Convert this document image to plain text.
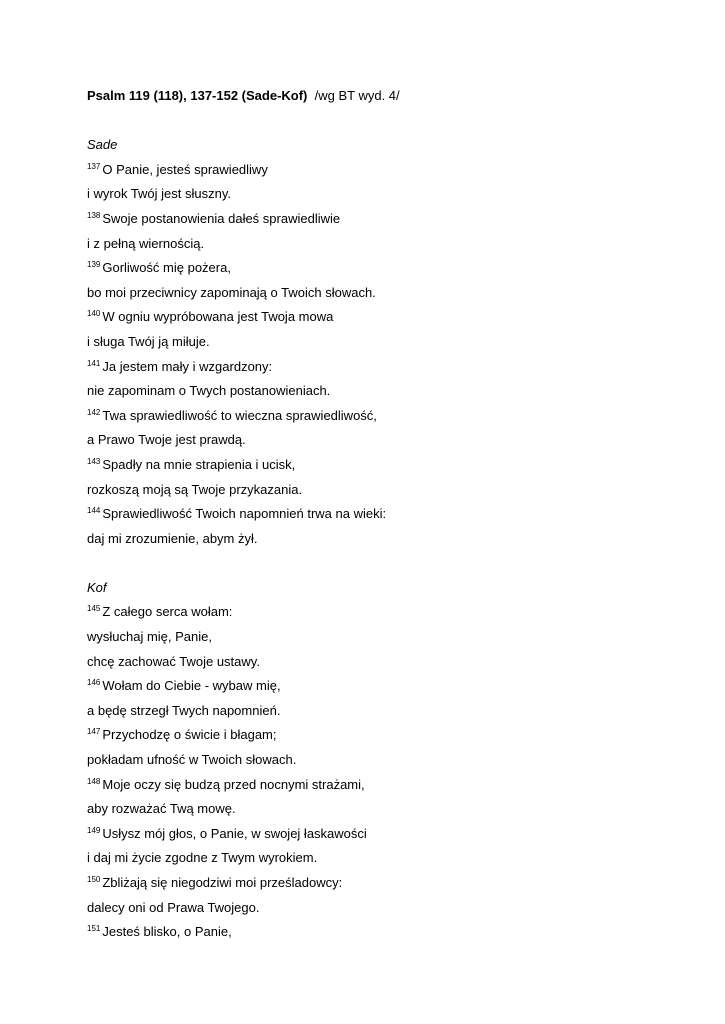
Psalm 119 (118), 137-152 (Sade-Kof) /wg BT wyd. 4/
Sade
$^{137}$ O Panie, jesteś sprawiedliwy
i wyrok Twój jest słuszny.
$^{138}$ Swoje postanowienia dałeś sprawiedliwie
i z pełną wiernością.
$^{139}$ Gorliwość mię pożera,
bo moi przeciwnicy zapominają o Twoich słowach.
$^{140}$ W ogniu wypróbowana jest Twoja mowa
i sługa Twój ją miłuje.
$^{141}$ Ja jestem mały i wzgardzony:
nie zapominam o Twych postanowieniach.
$^{142}$ Twa sprawiedliwość to wieczna sprawiedliwość,
a Prawo Twoje jest prawdą.
$^{143}$ Spadły na mnie strapienia i ucisk,
rozkoszą moją są Twoje przykazania.
$^{144}$ Sprawiedliwość Twoich napomnień trwa na wieki:
daj mi zrozumienie, abym żył.
Kof
$^{145}$ Z całego serca wołam:
wysłuchaj mię, Panie,
chcę zachować Twoje ustawy.
$^{146}$ Wołam do Ciebie - wybaw mię,
a będę strzegł Twych napomnień.
$^{147}$ Przychodzę o świcie i błagam;
pokładam ufność w Twoich słowach.
$^{148}$ Moje oczy się budzą przed nocnymi strażami,
aby rozważać Twą mowę.
$^{149}$ Usłysz mój głos, o Panie, w swojej łaskawości
i daj mi życie zgodne z Twym wyrokiem.
$^{150}$ Zbliżają się niegodziwi moi prześladowcy:
dalecy oni od Prawa Twojego.
$^{151}$ Jesteś blisko, o Panie,
